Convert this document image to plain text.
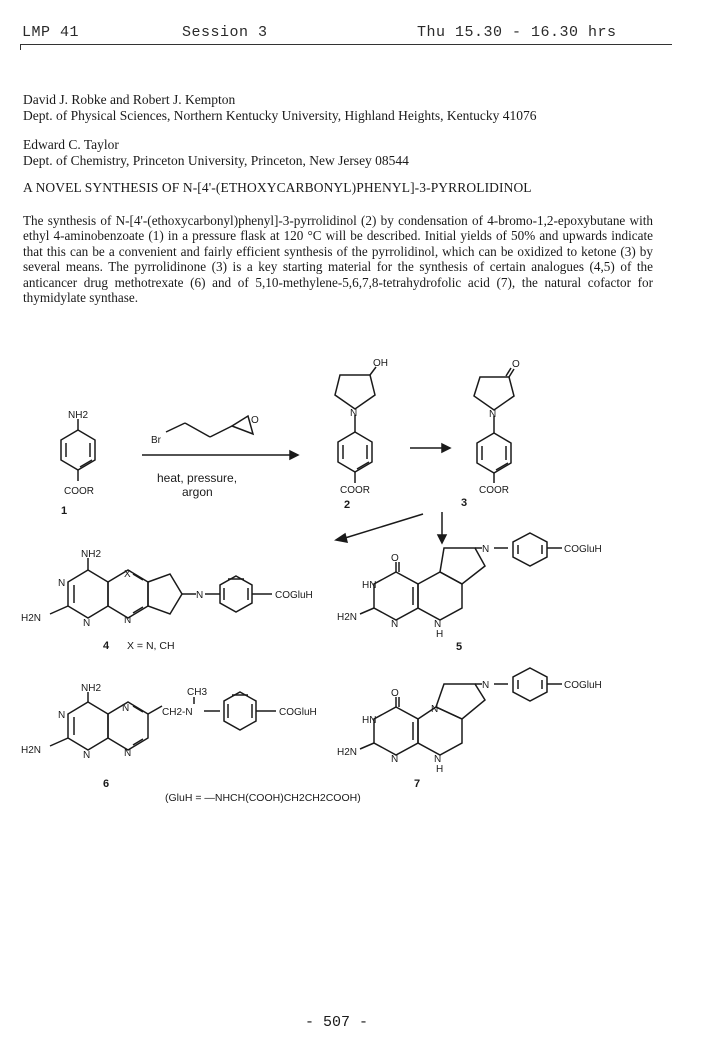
LMP 41	Session 3	Thu 15.30 - 16.30 hrs
David J. Robke and Robert J. Kempton
Dept. of Physical Sciences, Northern Kentucky University, Highland Heights, Kentucky 41076
Edward C. Taylor
Dept. of Chemistry, Princeton University, Princeton, New Jersey 08544
A NOVEL SYNTHESIS OF N-[4'-(ETHOXYCARBONYL)PHENYL]-3-PYRROLIDINOL
The synthesis of N-[4'-(ethoxycarbonyl)phenyl]-3-pyrrolidinol (2) by condensation of 4-bromo-1,2-epoxybutane with ethyl 4-aminobenzoate (1) in a pressure flask at 120 °C will be described. Initial yields of 50% and upwards indicate that this can be a convenient and fairly efficient synthesis of the pyrrolidinol, which can be oxidized to ketone (3) by several means. The pyrrolidinone (3) is a key starting material for the synthesis of certain analogues (4,5) of the anticancer drug methotrexate (6) and of 5,10-methylene-5,6,7,8-tetrahydrofolic acid (7), the natural cofactor for thymidylate synthase.
NH2
COOR
1
Br
O
heat, pressure,
argon
OH
N
COOR
2
O
N
COOR
3
NH2
N
N
H2N
X
N
N	COGluH
4 X = N, CH
O
HN
H2N
N	N
H
N	COGluH
5
NH2
N
N
N
N
H2N
CH3
CH2-N	COGluH
6
O
HN
H2N
N
N
N
H
N	COGluH
7
(GluH = —NHCH(COOH)CH2CH2COOH)
- 507 -
